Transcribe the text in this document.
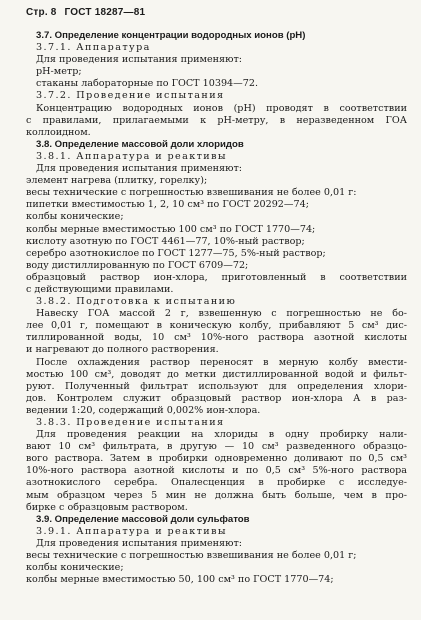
Стр. 8 ГОСТ 18287—81
3.7. Определение концентрации водородных ионов (рН)
3.7.1. Аппаратура
Для проведения испытания применяют:
рН-метр;
стаканы лабораторные по ГОСТ 10394—72.
3.7.2. Проведение испытания
Концентрацию водородных ионов (рН) проводят в соответствии
с правилами, прилагаемыми к рН-метру, в неразведенном ГОА
коллоидном.
3.8. Определение массовой доли хлоридов
3.8.1. Аппаратура и реактивы
Для проведения испытания применяют:
элемент нагрева (плитку, горелку);
весы технические с погрешностью взвешивания не более 0,01 г:
пипетки вместимостью 1, 2, 10 см³ по ГОСТ 20292—74;
колбы конические;
колбы мерные вместимостью 100 см³ по ГОСТ 1770—74;
кислоту азотную по ГОСТ 4461—77, 10%-ный раствор;
серебро азотнокислое по ГОСТ 1277—75, 5%-ный раствор;
воду дистиллированную по ГОСТ 6709—72;
образцовый раствор ион-хлора, приготовленный в соответствии
с действующими правилами.
3.8.2. Подготовка к испытанию
Навеску ГОА массой 2 г, взвешенную с погрешностью не бо-
лее 0,01 г, помещают в коническую колбу, прибавляют 5 см³ дис-
тиллированной воды, 10 см³ 10%-ного раствора азотной кислоты
и нагревают до полного растворения.
После охлаждения раствор переносят в мерную колбу вмести-
мостью 100 см³, доводят до метки дистиллированной водой и фильт-
руют. Полученный фильтрат используют для определения хлори-
дов. Контролем служит образцовый раствор ион-хлора А в раз-
ведении 1:20, содержащий 0,002% ион-хлора.
3.8.3. Проведение испытания
Для проведения реакции на хлориды в одну пробирку нали-
вают 10 см³ фильтрата, в другую — 10 см³ разведенного образцо-
вого раствора. Затем в пробирки одновременно доливают по 0,5 см³
10%-ного раствора азотной кислоты и по 0,5 см³ 5%-ного раствора
азотнокислого серебра. Опалесценция в пробирке с исследуе-
мым образцом через 5 мин не должна быть больше, чем в про-
бирке с образцовым раствором.
3.9. Определение массовой доли сульфатов
3.9.1. Аппаратура и реактивы
Для проведения испытания применяют:
весы технические с погрешностью взвешивания не более 0,01 г;
колбы конические;
колбы мерные вместимостью 50, 100 см³ по ГОСТ 1770—74;
